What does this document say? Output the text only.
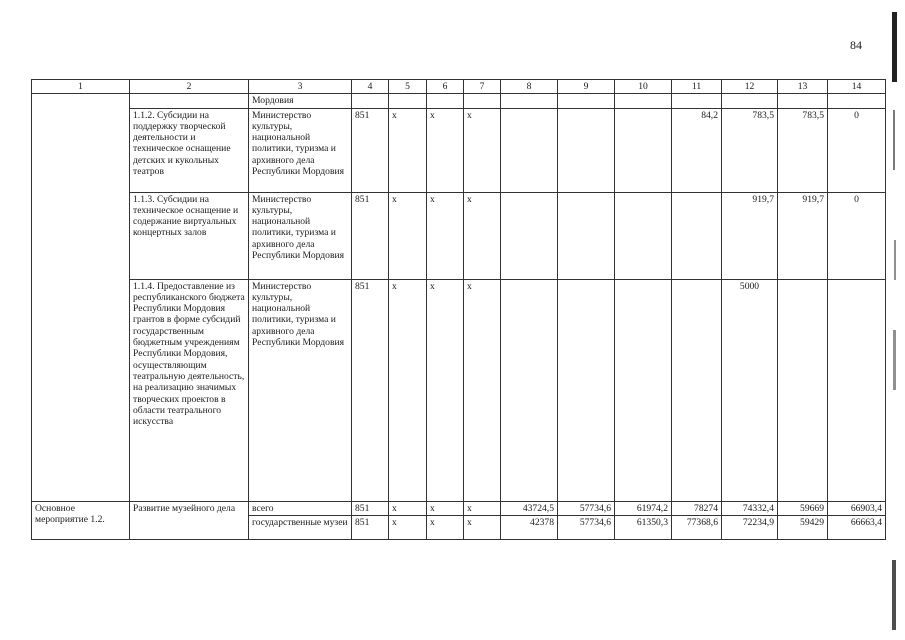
84
1	2	3	4	5	6	7	8	9	10	11	12	13	14
		Мордовия											
	1.1.2. Субсидии на поддержку творческой деятельности и техническое оснащение детских и кукольных театров	Министерство культуры, национальной политики, туризма и архивного дела Республики Мордовия	851	x	x	x				84,2	783,5	783,5	0
	1.1.3. Субсидии на техническое оснащение и содержание виртуальных концертных залов	Министерство культуры, национальной политики, туризма и архивного дела Республики Мордовия	851	x	x	x					919,7	919,7	0
	1.1.4. Предоставление из республиканского бюджета Республики Мордовия грантов в форме субсидий государственным бюджетным учреждениям Республики Мордовия, осуществляющим театральную деятельность, на реализацию значимых творческих проектов в области театрального искусства	Министерство культуры, национальной политики, туризма и архивного дела Республики Мордовия	851	x	x	x					5000		
Основное мероприятие 1.2.	Развитие музейного дела	всего	851	x	x	x	43724,5	57734,6	61974,2	78274	74332,4	59669	66903,4
		государственные музеи	851	x	x	x	42378	57734,6	61350,3	77368,6	72234,9	59429	66663,4
